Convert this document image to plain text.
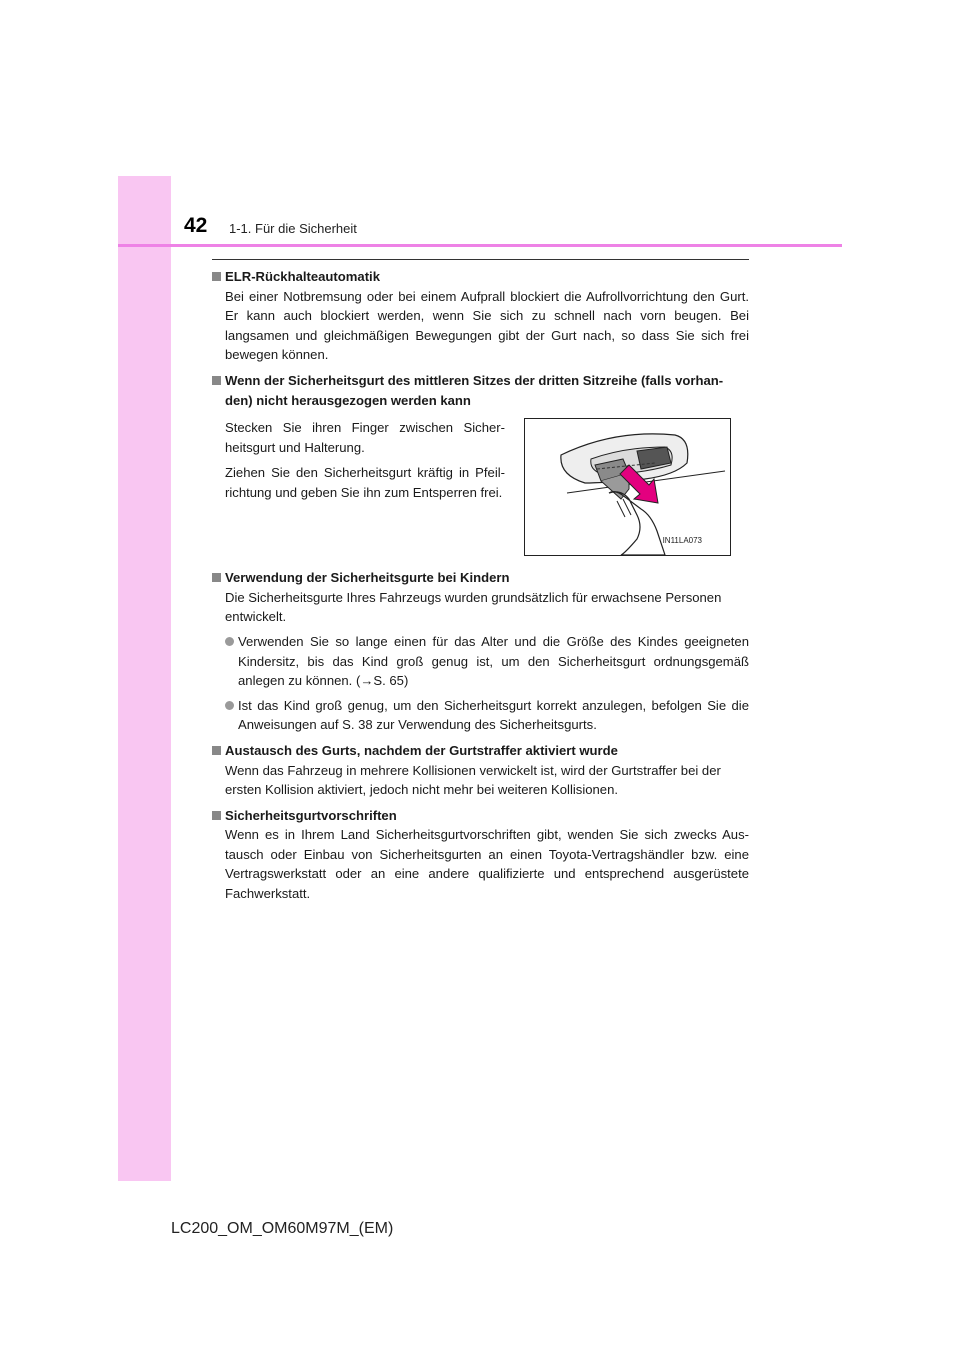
42 1-1. Für die Sicherheit
ELR-Rückhalteautomatik
Bei einer Notbremsung oder bei einem Aufprall blockiert die Aufrollvorrichtung den Gurt. Er kann auch blockiert werden, wenn Sie sich zu schnell nach vorn beugen. Bei langsamen und gleichmäßigen Bewegungen gibt der Gurt nach, so dass Sie sich frei bewegen können.
Wenn der Sicherheitsgurt des mittleren Sitzes der dritten Sitzreihe (falls vorhan-den) nicht herausgezogen werden kann

Stecken Sie ihren Finger zwischen Sicher-heitsgurt und Halterung.

Ziehen Sie den Sicherheitsgurt kräftig in Pfeil-richtung und geben Sie ihn zum Entsperren frei.

IN11LA073
Verwendung der Sicherheitsgurte bei Kindern
Die Sicherheitsgurte Ihres Fahrzeugs wurden grundsätzlich für erwachsene Personen entwickelt.
Verwenden Sie so lange einen für das Alter und die Größe des Kindes geeigneten Kindersitz, bis das Kind groß genug ist, um den Sicherheitsgurt ordnungsgemäß anlegen zu können. (→S. 65)
Ist das Kind groß genug, um den Sicherheitsgurt korrekt anzulegen, befolgen Sie die Anweisungen auf S. 38 zur Verwendung des Sicherheitsgurts.
Austausch des Gurts, nachdem der Gurtstraffer aktiviert wurde
Wenn das Fahrzeug in mehrere Kollisionen verwickelt ist, wird der Gurtstraffer bei der ersten Kollision aktiviert, jedoch nicht mehr bei weiteren Kollisionen.
Sicherheitsgurtvorschriften
Wenn es in Ihrem Land Sicherheitsgurtvorschriften gibt, wenden Sie sich zwecks Aus-tausch oder Einbau von Sicherheitsgurten an einen Toyota-Vertragshändler bzw. eine Vertragswerkstatt oder an eine andere qualifizierte und entsprechend ausgerüstete Fachwerkstatt.
LC200_OM_OM60M97M_(EM)
